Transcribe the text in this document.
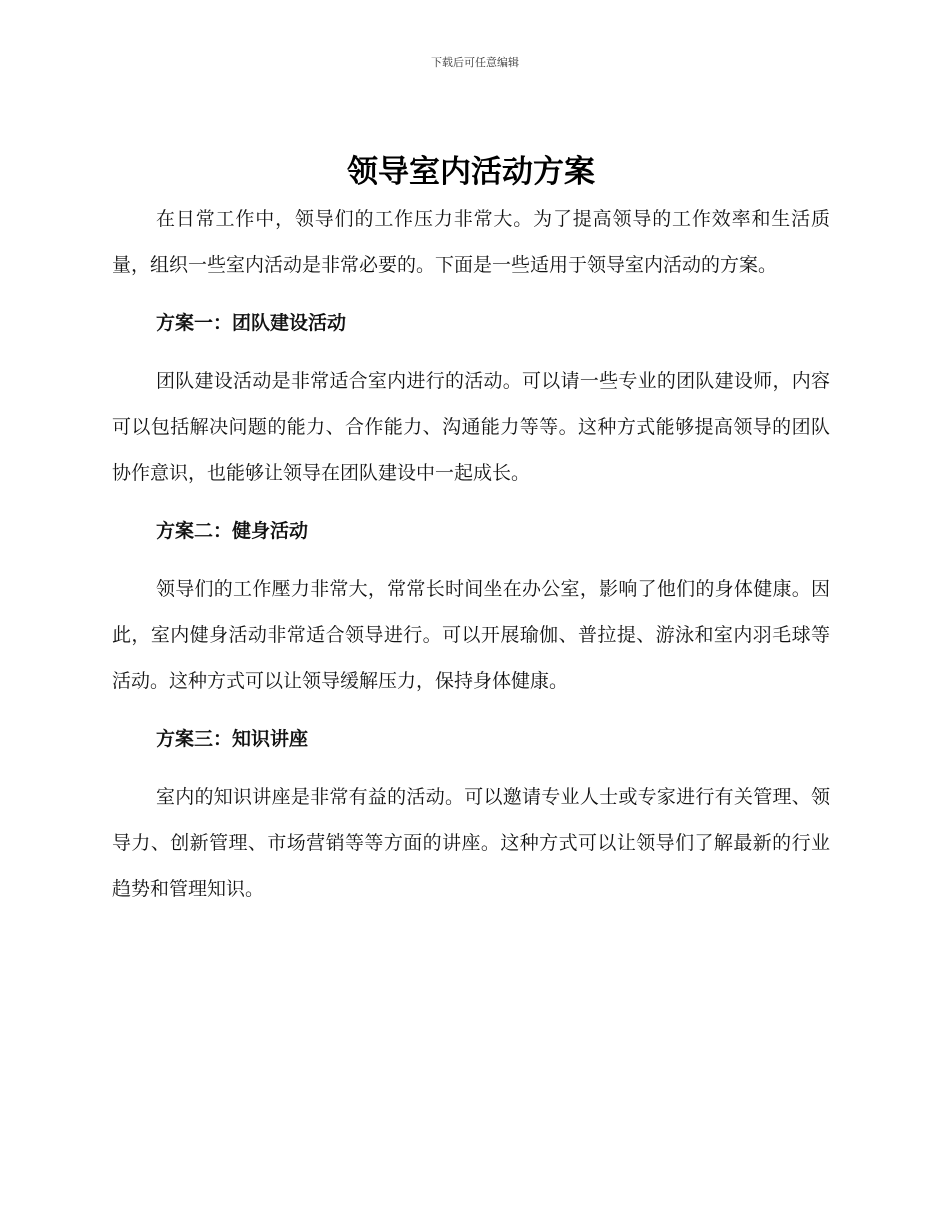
下载后可任意编辑
领导室内活动方案

在日常工作中，领导们的工作压力非常大。为了提高领导的工作效率和生活质量，组织一些室内活动是非常必要的。下面是一些适用于领导室内活动的方案。

方案一：团队建设活动

团队建设活动是非常适合室内进行的活动。可以请一些专业的团队建设师，内容可以包括解决问题的能力、合作能力、沟通能力等等。这种方式能够提高领导的团队协作意识，也能够让领导在团队建设中一起成长。

方案二：健身活动

领导们的工作壓力非常大，常常长时间坐在办公室，影响了他们的身体健康。因此，室内健身活动非常适合领导进行。可以开展瑜伽、普拉提、游泳和室内羽毛球等活动。这种方式可以让领导缓解压力，保持身体健康。

方案三：知识讲座

室内的知识讲座是非常有益的活动。可以邀请专业人士或专家进行有关管理、领导力、创新管理、市场营销等等方面的讲座。这种方式可以让领导们了解最新的行业趋势和管理知识。
